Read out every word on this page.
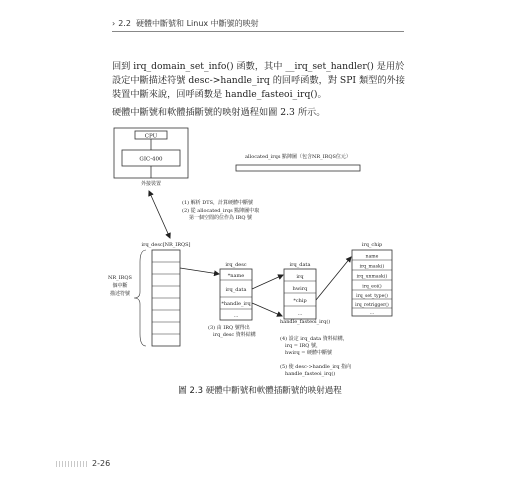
› 2.2 硬體中斷號和 Linux 中斷號的映射

回到 irq_domain_set_info() 函數，其中 __irq_set_handler() 是用於設定中斷描述符號 desc->handle_irq 的回呼函數，對 SPI 類型的外接裝置中斷來說，回呼函數是 handle_fasteoi_irq()。

硬體中斷號和軟體插斷號的映射過程如圖 2.3 所示。

CPU
GIC-400
外接裝置
allocated_irqs 點陣圖（包含NR_IRQS位元）
(1) 解析 DTS，計算硬體中斷號
(2) 從 allocated_irqs 點陣圖中取
第一個空閒的位作為 IRQ 號
irq_desc[NR_IRQS]
NR_IRQS
個中斷
描述符號
irq_desc
*name
irq_data
*handle_irq
...
irq_data
irq
hwirq
*chip
...
irq_chip
name
irq_mask()
irq_unmask()
irq_eoi()
irq_set_type()
irq_retrigger()
...
handle_fasteoi_irq()
(3) 由 IRQ 號得出
irq_desc 資料結構
(4) 設定 irq_data 資料結構，
irq = IRQ 號，
hwirq = 硬體中斷號
(5) 使 desc->handle_irq 指向
handle_fasteoi_irq()
圖 2.3 硬體中斷號和軟體插斷號的映射過程
2-26
